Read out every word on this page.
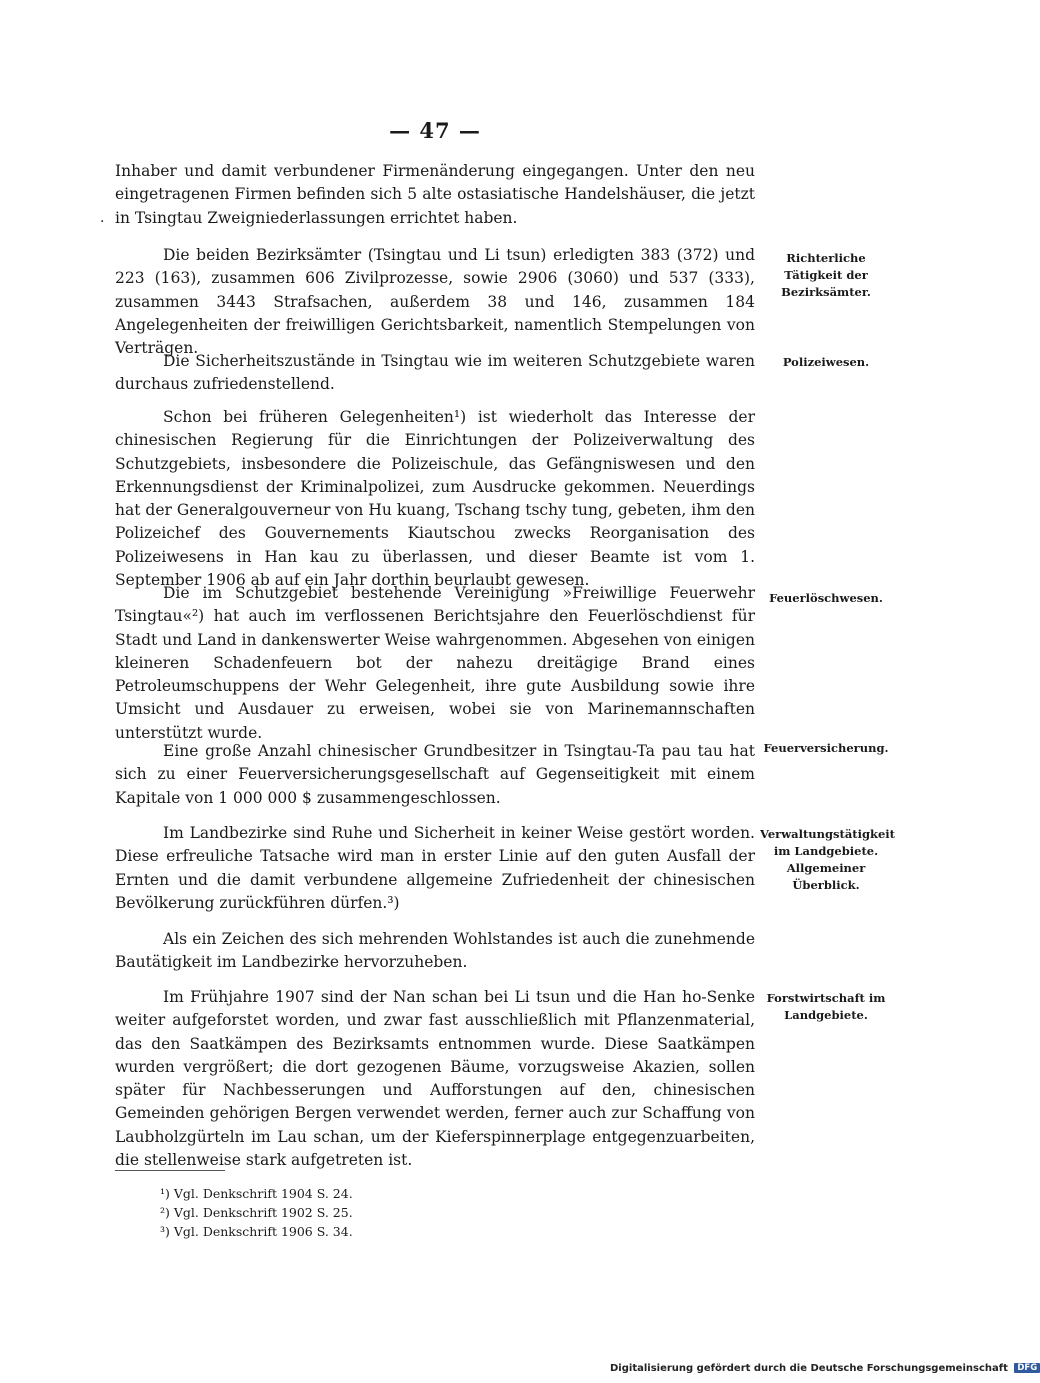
— 47 —
.
Inhaber und damit verbundener Firmenänderung eingegangen. Unter den neu eingetragenen Firmen befinden sich 5 alte ostasiatische Handelshäuser, die jetzt in Tsingtau Zweigniederlassungen errichtet haben.
Die beiden Bezirksämter (Tsingtau und Li tsun) erledigten 383 (372) und 223 (163), zusammen 606 Zivilprozesse, sowie 2906 (3060) und 537 (333), zusammen 3443 Strafsachen, außerdem 38 und 146, zusammen 184 Angelegenheiten der freiwilligen Gerichtsbarkeit, namentlich Stempelungen von Verträgen.
Die Sicherheitszustände in Tsingtau wie im weiteren Schutzgebiete waren durchaus zufriedenstellend.
Schon bei früheren Gelegenheiten¹) ist wiederholt das Interesse der chinesischen Regierung für die Einrichtungen der Polizeiverwaltung des Schutzgebiets, insbesondere die Polizeischule, das Gefängniswesen und den Erkennungsdienst der Kriminalpolizei, zum Ausdrucke gekommen. Neuerdings hat der Generalgouverneur von Hu kuang, Tschang tschy tung, gebeten, ihm den Polizeichef des Gouvernements Kiautschou zwecks Reorganisation des Polizeiwesens in Han kau zu überlassen, und dieser Beamte ist vom 1. September 1906 ab auf ein Jahr dorthin beurlaubt gewesen.
Die im Schutzgebiet bestehende Vereinigung »Freiwillige Feuerwehr Tsingtau«²) hat auch im verflossenen Berichtsjahre den Feuerlöschdienst für Stadt und Land in dankenswerter Weise wahrgenommen. Abgesehen von einigen kleineren Schadenfeuern bot der nahezu dreitägige Brand eines Petroleumschuppens der Wehr Gelegenheit, ihre gute Ausbildung sowie ihre Umsicht und Ausdauer zu erweisen, wobei sie von Marinemannschaften unterstützt wurde.
Eine große Anzahl chinesischer Grundbesitzer in Tsingtau-Ta pau tau hat sich zu einer Feuerversicherungsgesellschaft auf Gegenseitigkeit mit einem Kapitale von 1 000 000 $ zusammengeschlossen.
Im Landbezirke sind Ruhe und Sicherheit in keiner Weise gestört worden. Diese erfreuliche Tatsache wird man in erster Linie auf den guten Ausfall der Ernten und die damit verbundene allgemeine Zufriedenheit der chinesischen Bevölkerung zurückführen dürfen.³)
Als ein Zeichen des sich mehrenden Wohlstandes ist auch die zunehmende Bautätigkeit im Landbezirke hervorzuheben.
Im Frühjahre 1907 sind der Nan schan bei Li tsun und die Han ho-Senke weiter aufgeforstet worden, und zwar fast ausschließlich mit Pflanzenmaterial, das den Saatkämpen des Bezirksamts entnommen wurde. Diese Saatkämpen wurden vergrößert; die dort gezogenen Bäume, vorzugsweise Akazien, sollen später für Nachbesserungen und Aufforstungen auf den, chinesischen Gemeinden gehörigen Bergen verwendet werden, ferner auch zur Schaffung von Laubholzgürteln im Lau schan, um der Kieferspinnerplage entgegenzuarbeiten, die stellenweise stark aufgetreten ist.
Richterliche Tätigkeit der Bezirksämter.
Polizeiwesen.
Feuerlöschwesen.
Feuerversicherung.
Verwaltungstätigkeit im Landgebiete. Allgemeiner Überblick.
Forstwirtschaft im Landgebiete.
¹) Vgl. Denkschrift 1904 S. 24.
²) Vgl. Denkschrift 1902 S. 25.
³) Vgl. Denkschrift 1906 S. 34.
Digitalisierung gefördert durch die Deutsche Forschungsgemeinschaft DFG
